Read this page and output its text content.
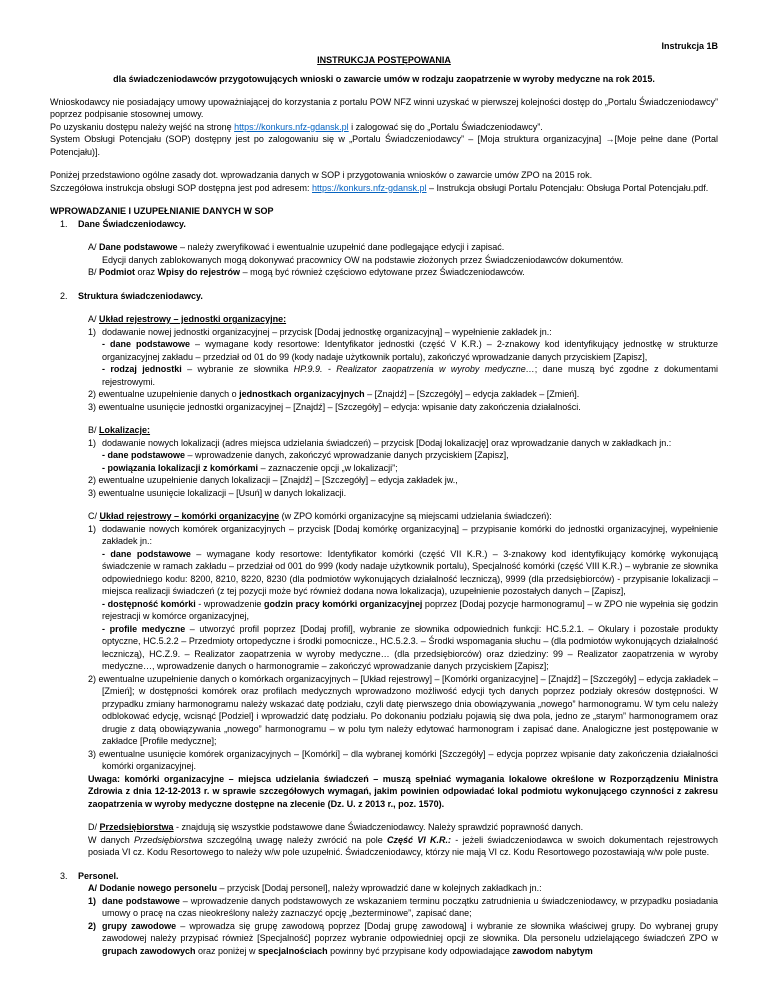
Instrukcja 1B
INSTRUKCJA POSTĘPOWANIA
dla świadczeniodawców przygotowujących wnioski o zawarcie umów w rodzaju zaopatrzenie w wyroby medyczne na rok 2015.

Wnioskodawcy nie posiadający umowy upoważniającej do korzystania z portalu POW NFZ winni uzyskać w pierwszej kolejności dostęp do „Portalu Świadczeniodawcy” poprzez podpisanie stosownej umowy.

Po uzyskaniu dostępu należy wejść na stronę https://konkurs.nfz-gdansk.pl i zalogować się do „Portalu Świadczeniodawcy”.

System Obsługi Potencjału (SOP) dostępny jest po zalogowaniu się w „Portalu Świadczeniodawcy” – [Moja struktura organizacyjna] →[Moje pełne dane (Portal Potencjału)].

Poniżej przedstawiono ogólne zasady dot. wprowadzania danych w SOP i przygotowania wniosków o zawarcie umów ZPO na 2015 rok.

Szczegółowa instrukcja obsługi SOP dostępna jest pod adresem: https://konkurs.nfz-gdansk.pl – Instrukcja obsługi Portalu Potencjału: Obsługa Portal Potencjału.pdf.

WPROWADZANIE I UZUPEŁNIANIE DANYCH W SOP

1.	Dane Świadczeniodawcy.

A/ Dane podstawowe – należy zweryfikować i ewentualnie uzupełnić dane podlegające edycji i zapisać.

Edycji danych zablokowanych mogą dokonywać pracownicy OW na podstawie złożonych przez Świadczeniodawców dokumentów.

B/ Podmiot oraz Wpisy do rejestrów – mogą być również częściowo edytowane przez Świadczeniodawców.

2.	Struktura świadczeniodawcy.

A/ Układ rejestrowy – jednostki organizacyjne:

1) dodawanie nowej jednostki organizacyjnej – przycisk [Dodaj jednostkę organizacyjną] – wypełnienie zakładek jn.:

- dane podstawowe – wymagane kody resortowe: Identyfikator jednostki (część V K.R.) – 2-znakowy kod identyfikujący jednostkę w strukturze organizacyjnej zakładu – przedział od 01 do 99 (kody nadaje użytkownik portalu), zakończyć wprowadzanie danych przyciskiem [Zapisz],

- rodzaj jednostki – wybranie ze słownika HP.9.9. - Realizator zaopatrzenia w wyroby medyczne…; dane muszą być zgodne z dokumentami rejestrowymi.

2) ewentualne uzupełnienie danych o jednostkach organizacyjnych – [Znajdź] – [Szczegóły] – edycja zakładek – [Zmień].

3) ewentualne usunięcie jednostki organizacyjnej – [Znajdź] – [Szczegóły] – edycja: wpisanie daty zakończenia działalności.

B/ Lokalizacje:

1) dodawanie nowych lokalizacji (adres miejsca udzielania świadczeń) – przycisk [Dodaj lokalizację] oraz wprowadzanie danych w zakładkach jn.:

- dane podstawowe – wprowadzenie danych, zakończyć wprowadzanie danych przyciskiem [Zapisz],

- powiązania lokalizacji z komórkami – zaznaczenie opcji „w lokalizacji”;

2) ewentualne uzupełnienie danych lokalizacji – [Znajdź] – [Szczegóły] – edycja zakładek jw.,

3) ewentualne usunięcie lokalizacji – [Usuń] w danych lokalizacji.

C/ Układ rejestrowy – komórki organizacyjne (w ZPO komórki organizacyjne są miejscami udzielania świadczeń):

1) dodawanie nowych komórek organizacyjnych – przycisk [Dodaj komórkę organizacyjną] – przypisanie komórki do jednostki organizacyjnej, wypełnienie zakładek jn.:

- dane podstawowe – wymagane kody resortowe: Identyfikator komórki (część VII K.R.) – 3-znakowy kod identyfikujący komórkę wykonującą świadczenie w ramach zakładu – przedział od 001 do 999 (kody nadaje użytkownik portalu), Specjalność komórki (część VIII K.R.) – wybranie ze słownika odpowiedniego kodu: 8200, 8210, 8220, 8230 (dla podmiotów wykonujących działalność leczniczą), 9999 (dla przedsiębiorców) - przypisanie lokalizacji – miejsca realizacji świadczeń (z tej pozycji może być również dodana nowa lokalizacja), uzupełnienie pozostałych danych – [Zapisz],

- dostępność komórki - wprowadzenie godzin pracy komórki organizacyjnej poprzez [Dodaj pozycje harmonogramu] – w ZPO nie wypełnia się godzin rejestracji w komórce organizacyjnej,

- profile medyczne – utworzyć profil poprzez [Dodaj profil], wybranie ze słownika odpowiednich funkcji: HC.5.2.1. – Okulary i pozostałe produkty optyczne, HC.5.2.2 – Przedmioty ortopedyczne i środki pomocnicze., HC.5.2.3. – Środki wspomagania słuchu – (dla podmiotów wykonujących działalność leczniczą), HC.Z.9. – Realizator zaopatrzenia w wyroby medyczne… (dla przedsiębiorców) oraz dziedziny: 99 – Realizator zaopatrzenia w wyroby medyczne…, wprowadzenie danych o harmonogramie – zakończyć wprowadzanie danych przyciskiem [Zapisz];

2) ewentualne uzupełnienie danych o komórkach organizacyjnych – [Układ rejestrowy] – [Komórki organizacyjne] – [Znajdź] – [Szczegóły] – edycja zakładek – [Zmień]; w dostępności komórek oraz profilach medycznych wprowadzono możliwość edycji tych danych poprzez podziały okresów dostępności. W przypadku zmiany harmonogramu należy wskazać datę podziału, czyli datę pierwszego dnia obowiązywania „nowego” harmonogramu. W tym celu należy odblokować edycję, wcisnąć [Podziel] i wprowadzić datę podziału. Po dokonaniu podziału pojawią się dwa pola, jedno ze „starym” harmonogramem oraz drugie z datą obowiązywania „nowego” harmonogramu – w polu tym należy edytować harmonogram i zapisać dane. Analogiczne jest postępowanie w zakładce [Profile medyczne];

3) ewentualne usunięcie komórek organizacyjnych – [Komórki] – dla wybranej komórki [Szczegóły] – edycja poprzez wpisanie daty zakończenia działalności komórki organizacyjnej.

Uwaga: komórki organizacyjne – miejsca udzielania świadczeń – muszą spełniać wymagania lokalowe określone w Rozporządzeniu Ministra Zdrowia z dnia 12-12-2013 r. w sprawie szczegółowych wymagań, jakim powinien odpowiadać lokal podmiotu wykonującego czynności z zakresu zaopatrzenia w wyroby medyczne dostępne na zlecenie (Dz. U. z 2013 r., poz. 1570).

D/ Przedsiębiorstwa - znajdują się wszystkie podstawowe dane Świadczeniodawcy. Należy sprawdzić poprawność danych.

W danych Przedsiębiorstwa szczególną uwagę należy zwrócić na pole Część VI K.R.: - jeżeli świadczeniodawca w swoich dokumentach rejestrowych posiada VI cz. Kodu Resortowego to należy w/w pole uzupełnić. Świadczeniodawcy, którzy nie mają VI cz. Kodu Resortowego pozostawiają w/w pole puste.

3.	Personel.

A/ Dodanie nowego personelu – przycisk [Dodaj personel], należy wprowadzić dane w kolejnych zakładkach jn.:

1) dane podstawowe – wprowadzenie danych podstawowych ze wskazaniem terminu początku zatrudnienia u świadczeniodawcy, w przypadku posiadania umowy o pracę na czas nieokreślony należy zaznaczyć opcję „bezterminowe”, zapisać dane;
2) grupy zawodowe – wprowadza się grupę zawodową poprzez [Dodaj grupę zawodową] i wybranie ze słownika właściwej grupy. Do wybranej grupy zawodowej należy przypisać również [Specjalność] poprzez wybranie odpowiedniej opcji ze słownika. Dla personelu udzielającego świadczeń ZPO w grupach zawodowych oraz poniżej w specjalnościach powinny być przypisane kody odpowiadające zawodom nabytym
